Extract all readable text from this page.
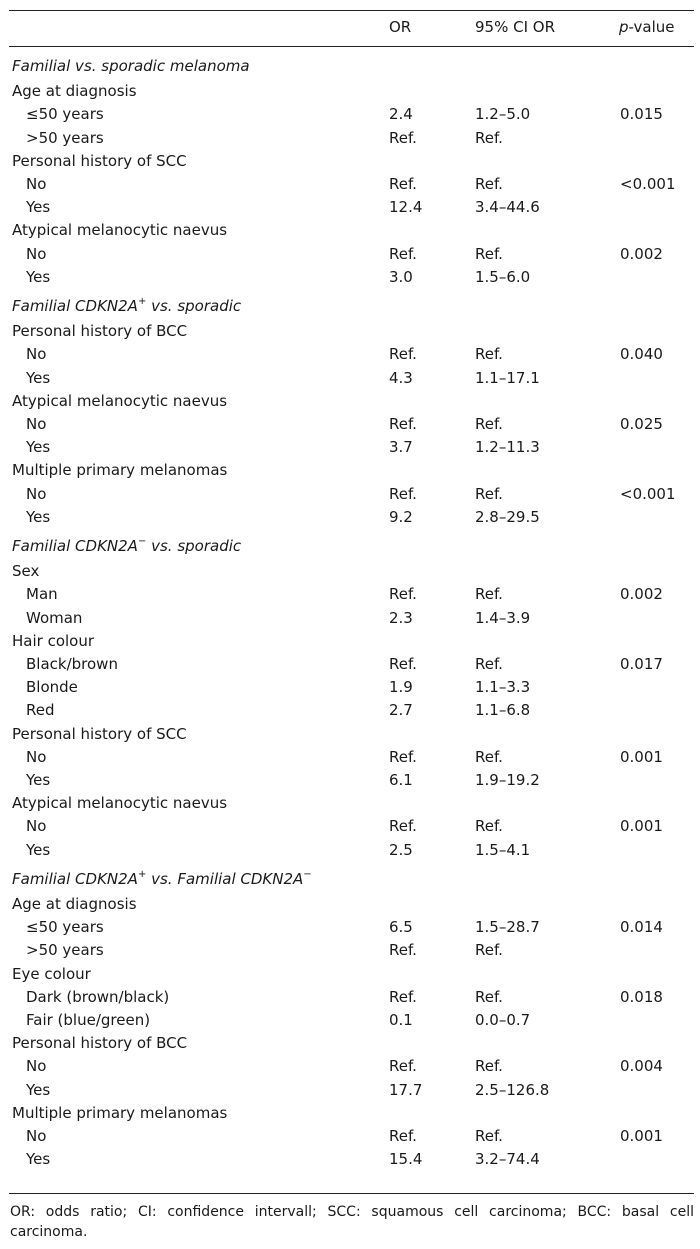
OR	95% CI OR	p-value
Familial vs. sporadic melanoma
Age at diagnosis
≤50 years	2.4	1.2–5.0	0.015
>50 years	Ref.	Ref.
Personal history of SCC
No	Ref.	Ref.	<0.001
Yes	12.4	3.4–44.6
Atypical melanocytic naevus
No	Ref.	Ref.	0.002
Yes	3.0	1.5–6.0
Familial CDKN2A+ vs. sporadic
Personal history of BCC
No	Ref.	Ref.	0.040
Yes	4.3	1.1–17.1
Atypical melanocytic naevus
No	Ref.	Ref.	0.025
Yes	3.7	1.2–11.3
Multiple primary melanomas
No	Ref.	Ref.	<0.001
Yes	9.2	2.8–29.5
Familial CDKN2A− vs. sporadic
Sex
Man	Ref.	Ref.	0.002
Woman	2.3	1.4–3.9
Hair colour
Black/brown	Ref.	Ref.	0.017
Blonde	1.9	1.1–3.3
Red	2.7	1.1–6.8
Personal history of SCC
No	Ref.	Ref.	0.001
Yes	6.1	1.9–19.2
Atypical melanocytic naevus
No	Ref.	Ref.	0.001
Yes	2.5	1.5–4.1
Familial CDKN2A+ vs. Familial CDKN2A−
Age at diagnosis
≤50 years	6.5	1.5–28.7	0.014
>50 years	Ref.	Ref.
Eye colour
Dark (brown/black)	Ref.	Ref.	0.018
Fair (blue/green)	0.1	0.0–0.7
Personal history of BCC
No	Ref.	Ref.	0.004
Yes	17.7	2.5–126.8
Multiple primary melanomas
No	Ref.	Ref.	0.001
Yes	15.4	3.2–74.4
OR: odds ratio; CI: confidence intervall; SCC: squamous cell carcinoma; BCC: basal cell carcinoma.
